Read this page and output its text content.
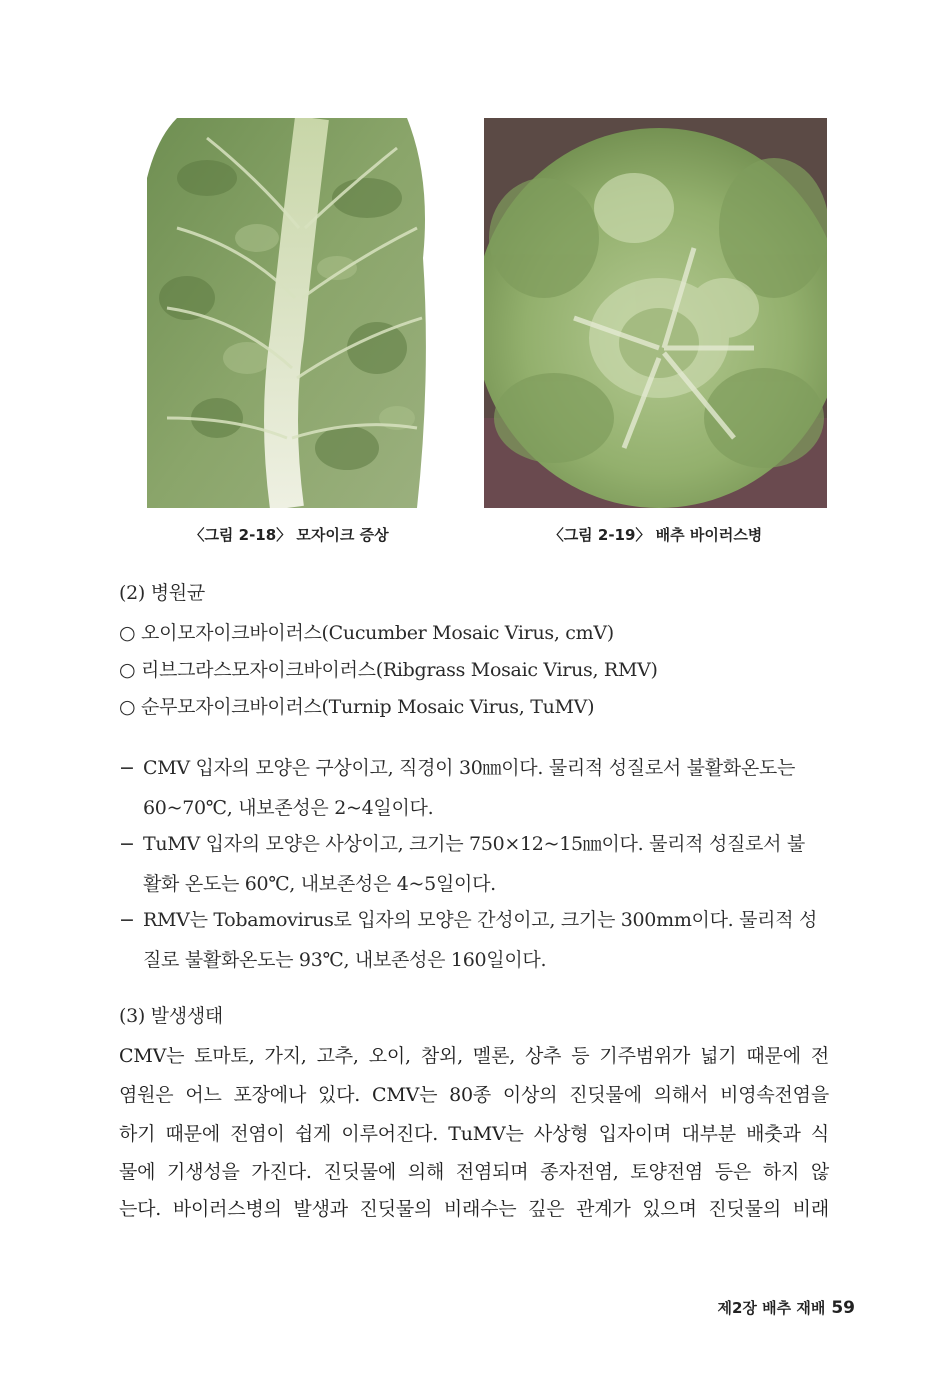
〈그림 2-18〉 모자이크 증상	〈그림 2-19〉 배추 바이러스병
(2) 병원균
○ 오이모자이크바이러스(Cucumber Mosaic Virus, cmV)
○ 리브그라스모자이크바이러스(Ribgrass Mosaic Virus, RMV)
○ 순무모자이크바이러스(Turnip Mosaic Virus, TuMV)
− CMV 입자의 모양은 구상이고, 직경이 30㎚이다. 물리적 성질로서 불활화온도는
60~70℃, 내보존성은 2~4일이다.
− TuMV 입자의 모양은 사상이고, 크기는 750×12~15㎚이다. 물리적 성질로서 불
활화 온도는 60℃, 내보존성은 4~5일이다.
− RMV는 Tobamovirus로 입자의 모양은 간성이고, 크기는 300mm이다. 물리적 성
질로 불활화온도는 93℃, 내보존성은 160일이다.
(3) 발생생태
CMV는 토마토, 가지, 고추, 오이, 참외, 멜론, 상추 등 기주범위가 넓기 때문에 전
염원은 어느 포장에나 있다. CMV는 80종 이상의 진딧물에 의해서 비영속전염을
하기 때문에 전염이 쉽게 이루어진다. TuMV는 사상형 입자이며 대부분 배춧과 식
물에 기생성을 가진다. 진딧물에 의해 전염되며 종자전염, 토양전염 등은 하지 않
는다. 바이러스병의 발생과 진딧물의 비래수는 깊은 관계가 있으며 진딧물의 비래
제2장 배추 재배 59
